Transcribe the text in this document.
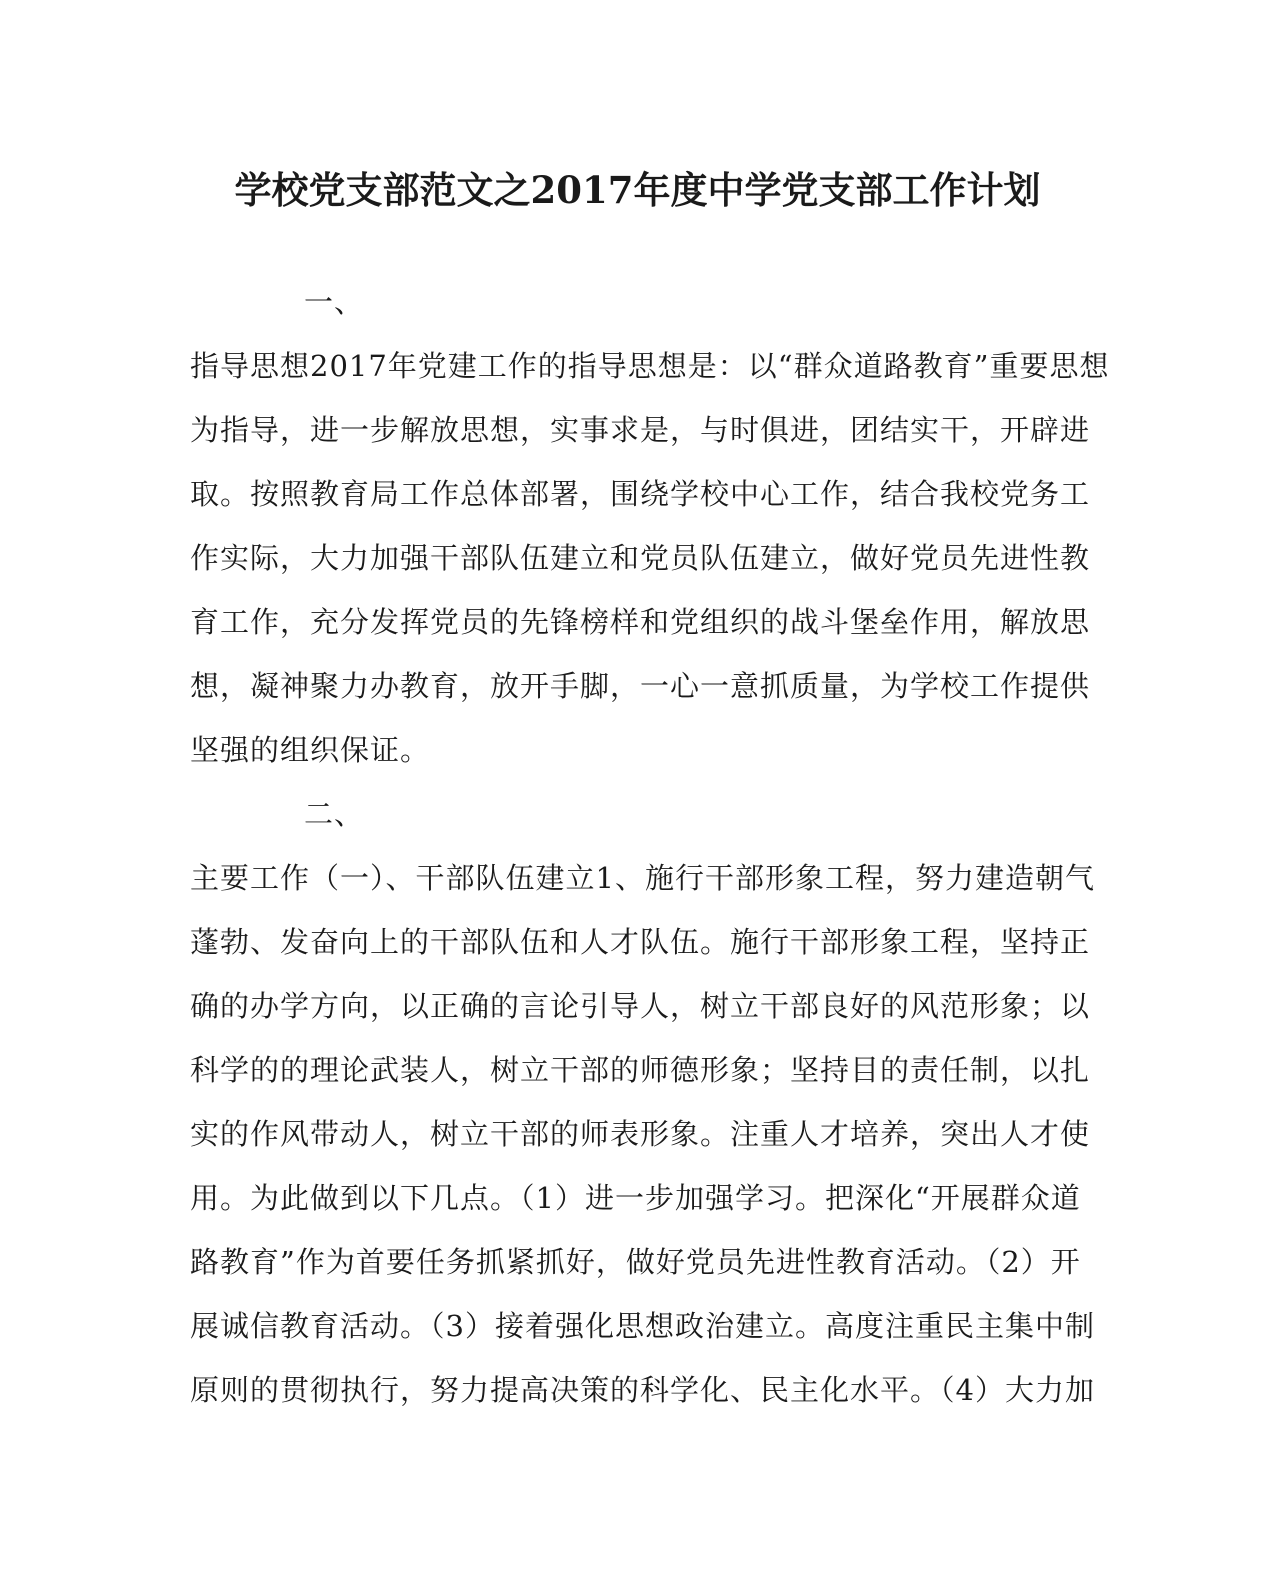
学校党支部范文之2017年度中学党支部工作计划
一、
指导思想2017年党建工作的指导思想是：以“群众道路教育”重要思想
为指导，进一步解放思想，实事求是，与时俱进，团结实干，开辟进
取。按照教育局工作总体部署，围绕学校中心工作，结合我校党务工
作实际，大力加强干部队伍建立和党员队伍建立，做好党员先进性教
育工作，充分发挥党员的先锋榜样和党组织的战斗堡垒作用，解放思
想，凝神聚力办教育，放开手脚，一心一意抓质量，为学校工作提供
坚强的组织保证。
二、
主要工作（一）、干部队伍建立1、施行干部形象工程，努力建造朝气
蓬勃、发奋向上的干部队伍和人才队伍。施行干部形象工程，坚持正
确的办学方向，以正确的言论引导人，树立干部良好的风范形象；以
科学的的理论武装人，树立干部的师德形象；坚持目的责任制，以扎
实的作风带动人，树立干部的师表形象。注重人才培养，突出人才使
用。为此做到以下几点。（1）进一步加强学习。把深化“开展群众道
路教育”作为首要任务抓紧抓好，做好党员先进性教育活动。（2）开
展诚信教育活动。（3）接着强化思想政治建立。高度注重民主集中制
原则的贯彻执行，努力提高决策的科学化、民主化水平。（4）大力加
